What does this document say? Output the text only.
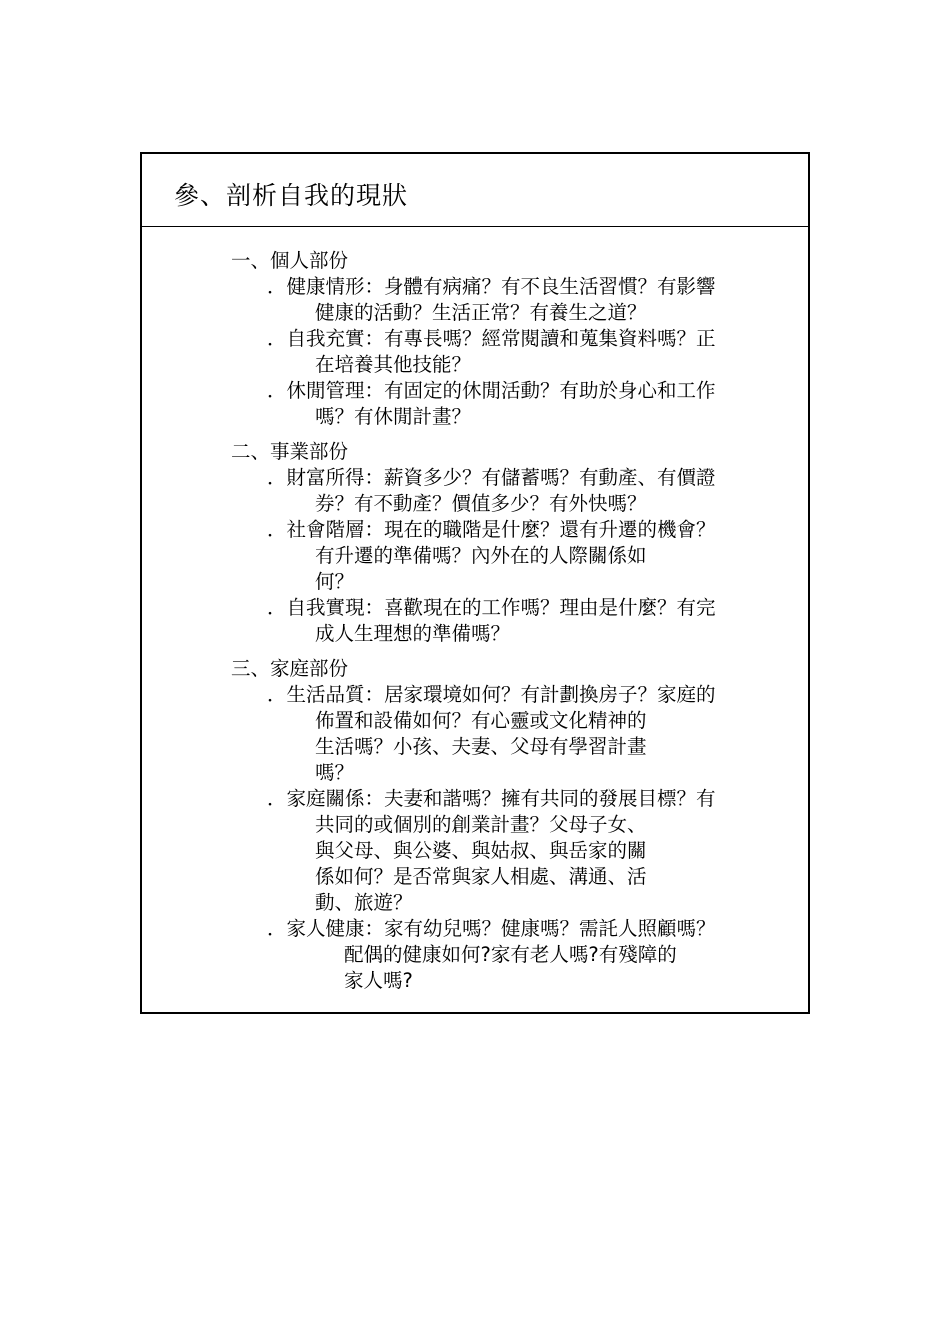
參、剖析自我的現狀
一、個人部份
．健康情形：身體有病痛？有不良生活習慣？有影響
健康的活動？生活正常？有養生之道？
．自我充實：有專長嗎？經常閱讀和蒐集資料嗎？正
在培養其他技能？
．休閒管理：有固定的休閒活動？有助於身心和工作
嗎？有休閒計畫？
二、事業部份
．財富所得：薪資多少？有儲蓄嗎？有動產、有價證
券？有不動產？價值多少？有外快嗎？
．社會階層：現在的職階是什麼？還有升遷的機會？
有升遷的準備嗎？內外在的人際關係如
何？
．自我實現：喜歡現在的工作嗎？理由是什麼？有完
成人生理想的準備嗎？
三、家庭部份
．生活品質：居家環境如何？有計劃換房子？家庭的
佈置和設備如何？有心靈或文化精神的
生活嗎？小孩、夫妻、父母有學習計畫
嗎？
．家庭關係：夫妻和諧嗎？擁有共同的發展目標？有
共同的或個別的創業計畫？父母子女、
與父母、與公婆、與姑叔、與岳家的關
係如何？是否常與家人相處、溝通、活
動、旅遊？
．家人健康：家有幼兒嗎？健康嗎？需託人照顧嗎？
配偶的健康如何?家有老人嗎?有殘障的
家人嗎?
